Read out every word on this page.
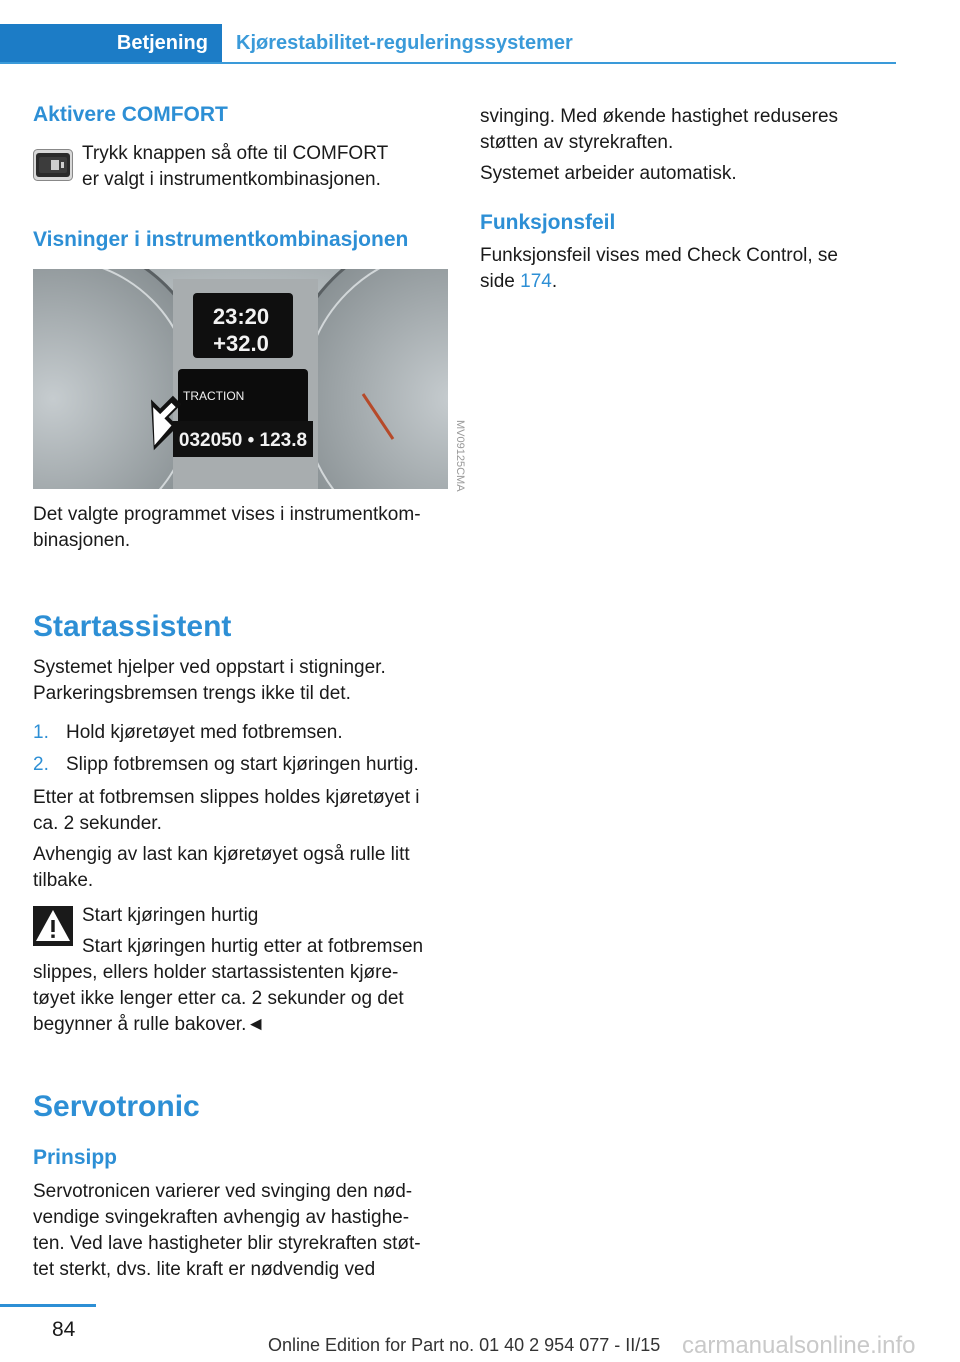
Betjening	Kjørestabilitet-reguleringssystemer
Aktivere COMFORT
Trykk knappen så ofte til COMFORT
er valgt i instrumentkombinasjonen.
Visninger i instrumentkombinasjonen
23:20
+32.0
TRACTION
032050 • 123.8	MV09125CMA
Det valgte programmet vises i instrumentkom-
binasjonen.
Startassistent
Systemet hjelper ved oppstart i stigninger.
Parkeringsbremsen trengs ikke til det.
1. Hold kjøretøyet med fotbremsen.
2. Slipp fotbremsen og start kjøringen hurtig.
Etter at fotbremsen slippes holdes kjøretøyet i
ca. 2 sekunder.
Avhengig av last kan kjøretøyet også rulle litt
tilbake.
Start kjøringen hurtig
Start kjøringen hurtig etter at fotbremsen
slippes, ellers holder startassistenten kjøre-
tøyet ikke lenger etter ca. 2 sekunder og det
begynner å rulle bakover.◄
Servotronic
Prinsipp
Servotronicen varierer ved svinging den nød-
vendige svingekraften avhengig av hastighe-
ten. Ved lave hastigheter blir styrekraften støt-
tet sterkt, dvs. lite kraft er nødvendig ved
svinging. Med økende hastighet reduseres
støtten av styrekraften.
Systemet arbeider automatisk.
Funksjonsfeil
Funksjonsfeil vises med Check Control, se
side 174.
84
Online Edition for Part no. 01 40 2 954 077 - II/15 carmanualsonline.info
